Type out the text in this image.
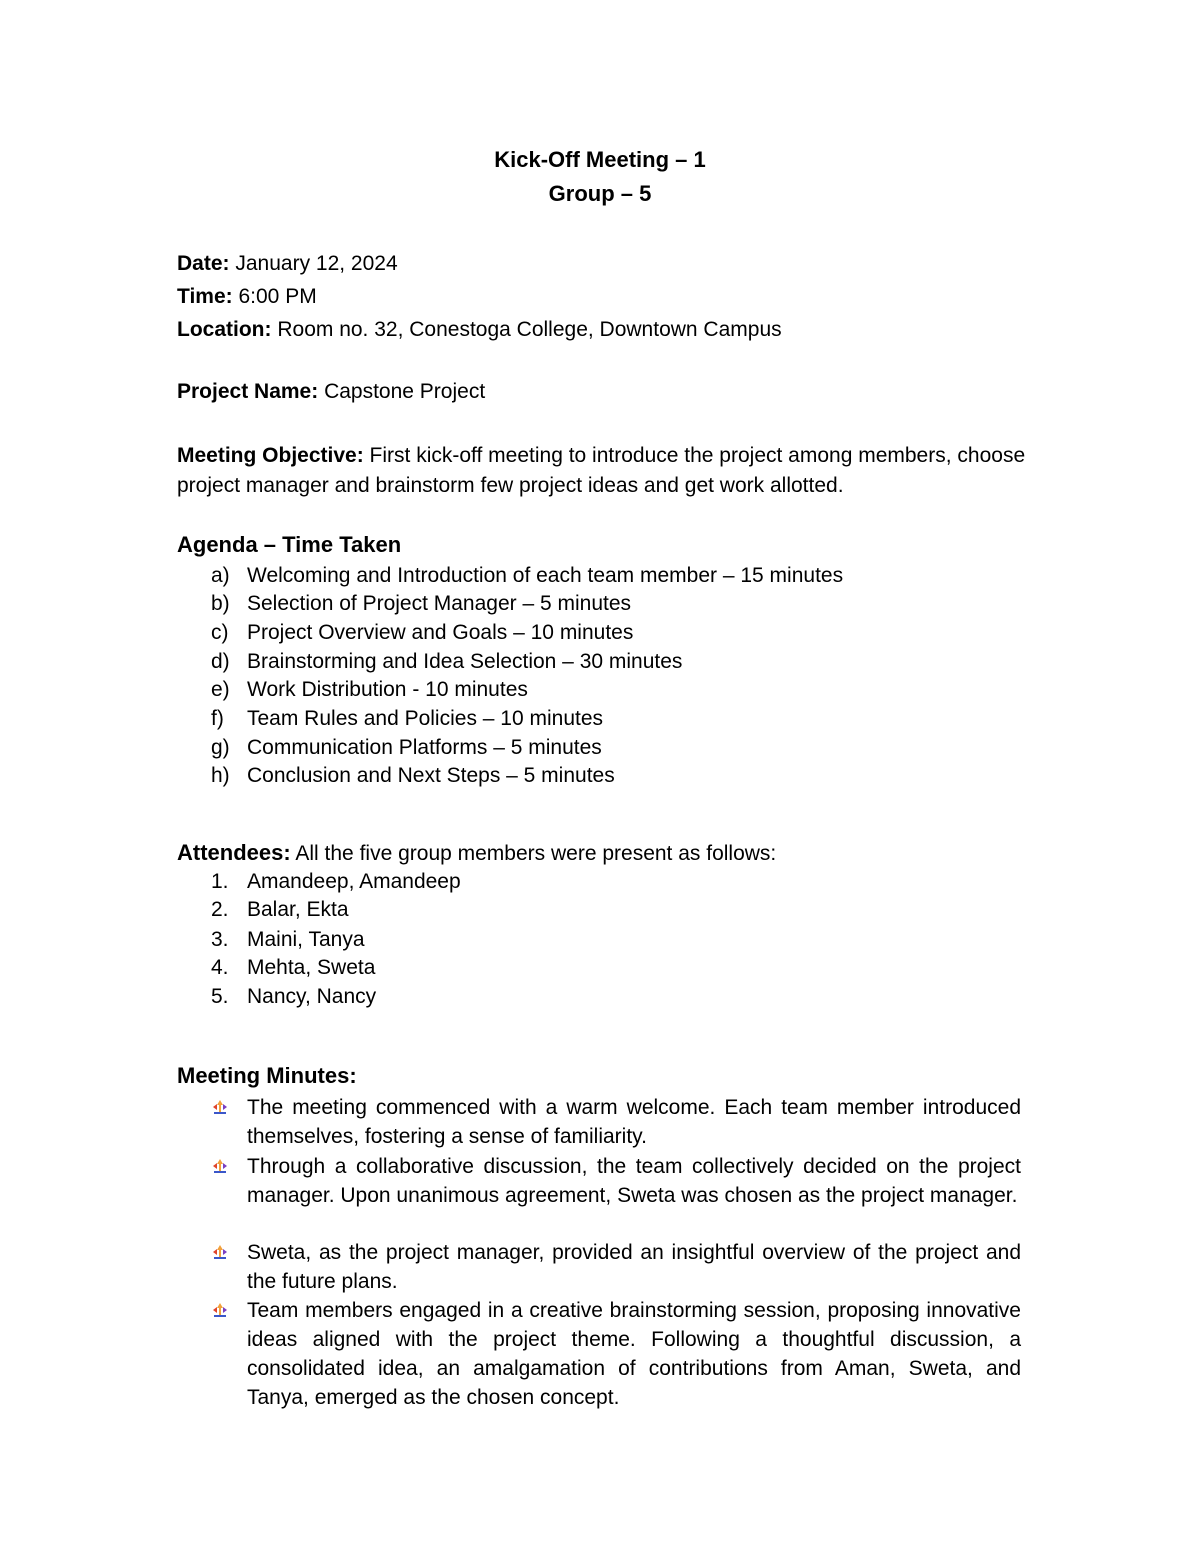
Kick-Off Meeting – 1
Group – 5
Date: January 12, 2024
Time: 6:00 PM
Location: Room no. 32, Conestoga College, Downtown Campus
Project Name: Capstone Project
Meeting Objective: First kick-off meeting to introduce the project among members, choose project manager and brainstorm few project ideas and get work allotted.
Agenda – Time Taken
a) Welcoming and Introduction of each team member – 15 minutes
b) Selection of Project Manager – 5 minutes
c) Project Overview and Goals – 10 minutes
d) Brainstorming and Idea Selection – 30 minutes
e) Work Distribution - 10 minutes
f) Team Rules and Policies – 10 minutes
g) Communication Platforms – 5 minutes
h) Conclusion and Next Steps – 5 minutes
Attendees: All the five group members were present as follows:
1. Amandeep, Amandeep
2. Balar, Ekta
3. Maini, Tanya
4. Mehta, Sweta
5. Nancy, Nancy
Meeting Minutes:
The meeting commenced with a warm welcome. Each team member introduced themselves, fostering a sense of familiarity.
Through a collaborative discussion, the team collectively decided on the project manager. Upon unanimous agreement, Sweta was chosen as the project manager.
Sweta, as the project manager, provided an insightful overview of the project and the future plans.
Team members engaged in a creative brainstorming session, proposing innovative ideas aligned with the project theme. Following a thoughtful discussion, a consolidated idea, an amalgamation of contributions from Aman, Sweta, and Tanya, emerged as the chosen concept.
